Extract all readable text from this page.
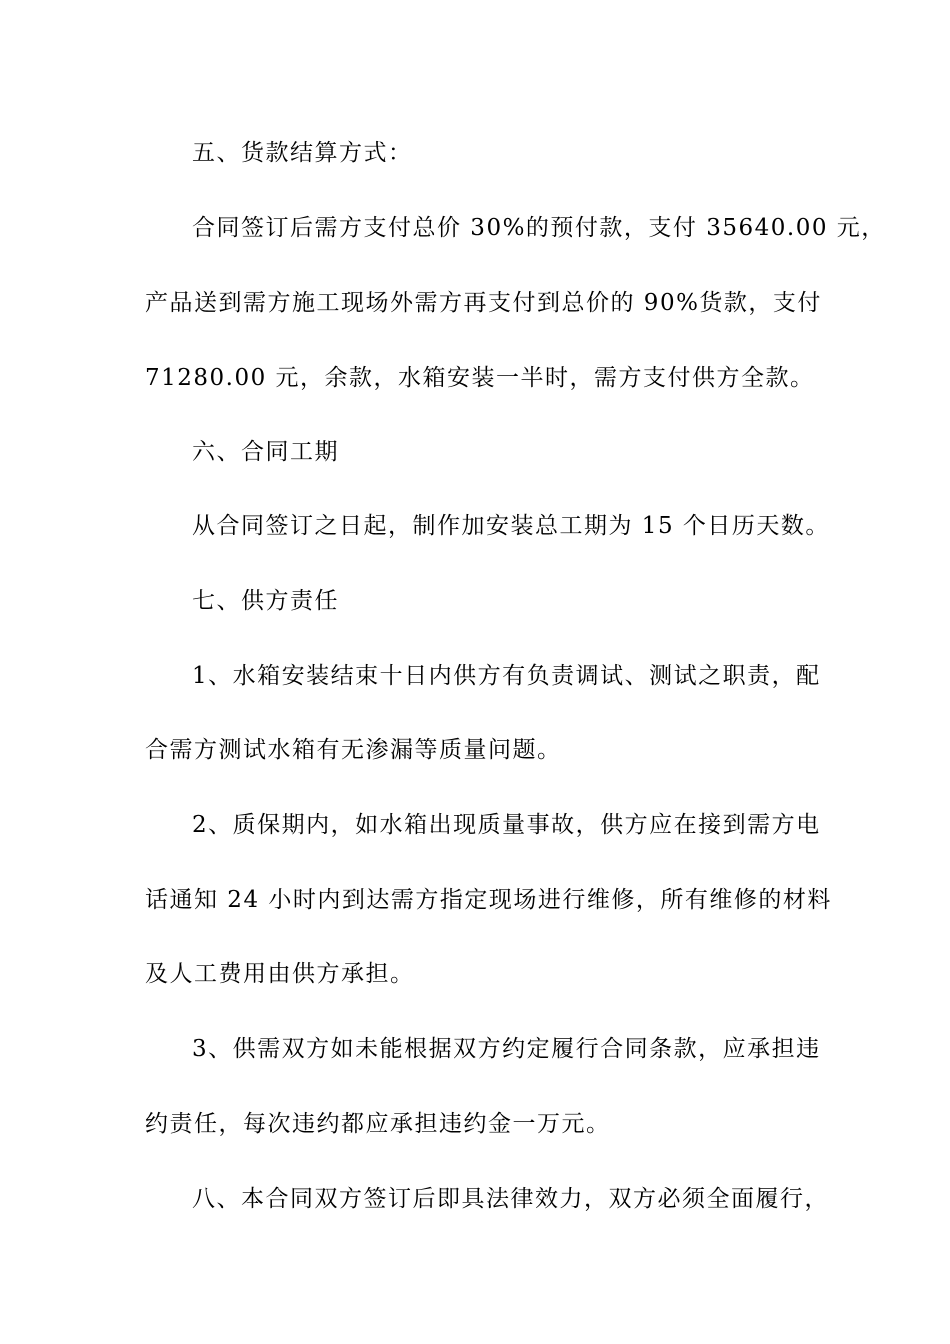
五、货款结算方式：

合同签订后需方支付总价 30%的预付款，支付 35640.00 元，

产品送到需方施工现场外需方再支付到总价的 90%货款，支付

71280.00 元，余款，水箱安装一半时，需方支付供方全款。

六、合同工期

从合同签订之日起，制作加安装总工期为 15 个日历天数。

七、供方责任

1、水箱安装结束十日内供方有负责调试、测试之职责，配

合需方测试水箱有无渗漏等质量问题。

2、质保期内，如水箱出现质量事故，供方应在接到需方电

话通知 24 小时内到达需方指定现场进行维修，所有维修的材料

及人工费用由供方承担。

3、供需双方如未能根据双方约定履行合同条款，应承担违

约责任，每次违约都应承担违约金一万元。

八、本合同双方签订后即具法律效力，双方必须全面履行，
